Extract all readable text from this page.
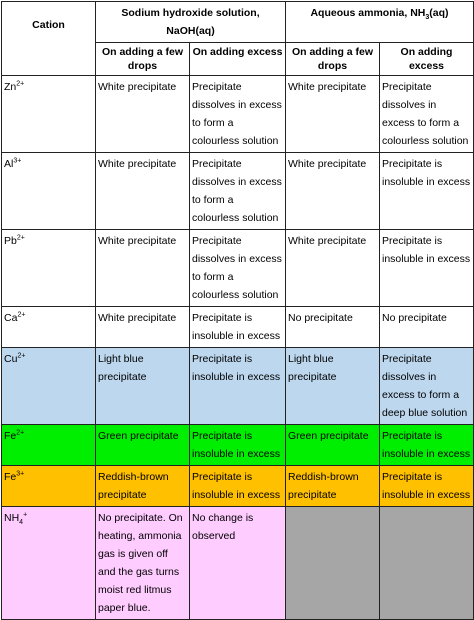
Cation	Sodium hydroxide solution, NaOH(aq)		Aqueous ammonia, $NH_3(aq)$	
	On adding a few drops	On adding excess	On adding a few drops	On adding excess
$Zn^{2+}$	White precipitate	Precipitate dissolves in excess to form a colourless solution	White precipitate	Precipitate dissolves in excess to form a colourless solution
$Al^{3+}$	White precipitate	Precipitate dissolves in excess to form a colourless solution	White precipitate	Precipitate is insoluble in excess
$Pb^{2+}$	White precipitate	Precipitate dissolves in excess to form a colourless solution	White precipitate	Precipitate is insoluble in excess
$Ca^{2+}$	White precipitate	Precipitate is insoluble in excess	No precipitate	No precipitate
$Cu^{2+}$	Light blue precipitate	Precipitate is insoluble in excess	Light blue precipitate	Precipitate dissolves in excess to form a deep blue solution
$Fe^{2+}$	Green precipitate	Precipitate is insoluble in excess	Green precipitate	Precipitate is insoluble in excess
$Fe^{3+}$	Reddish-brown precipitate	Precipitate is insoluble in excess	Reddish-brown precipitate	Precipitate is insoluble in excess
$NH_4^+$	No precipitate. On heating, ammonia gas is given off and the gas turns moist red litmus paper blue.	No change is observed		
